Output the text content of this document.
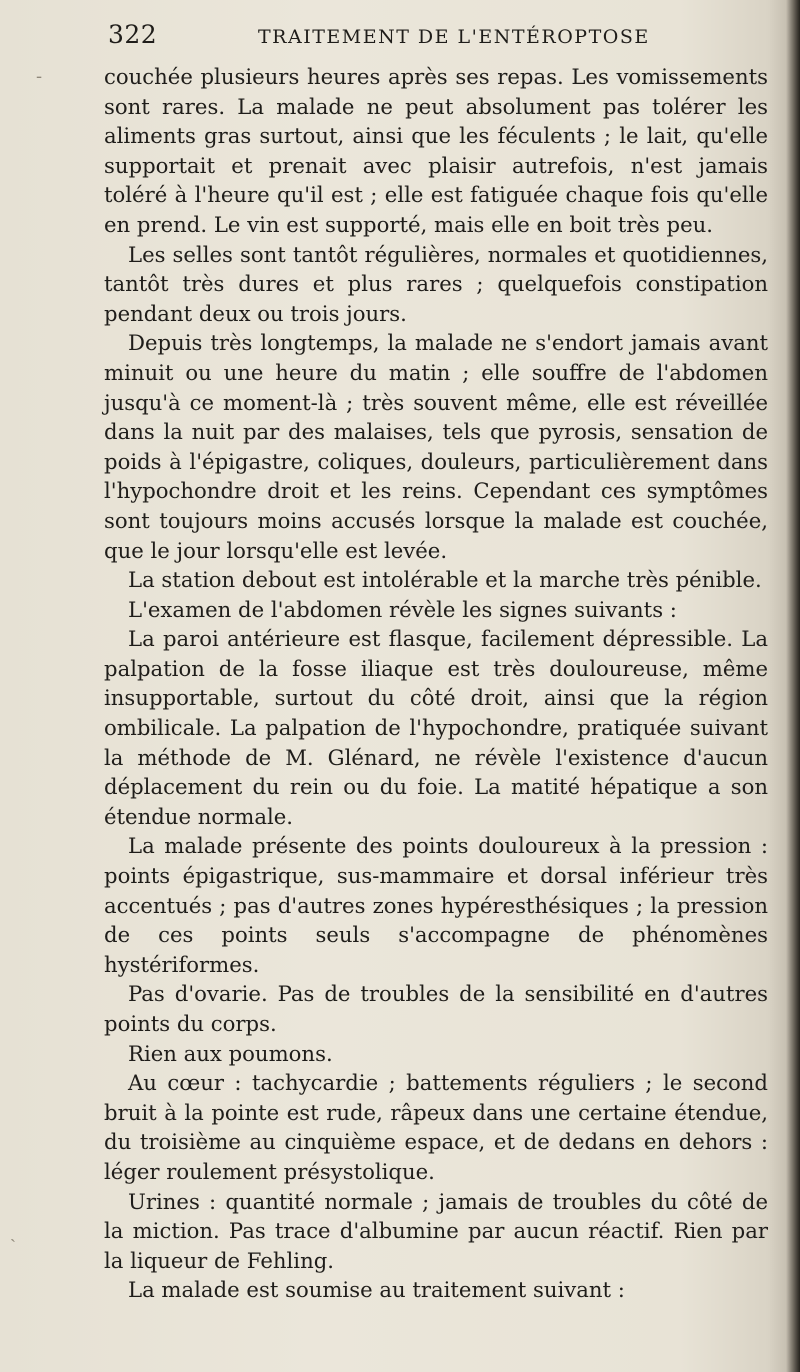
322	TRAITEMENT DE L'ENTÉROPTOSE

couchée plusieurs heures après ses repas. Les vomissements sont rares. La malade ne peut absolument pas tolérer les aliments gras surtout, ainsi que les féculents ; le lait, qu'elle supportait et prenait avec plaisir autrefois, n'est jamais toléré à l'heure qu'il est ; elle est fatiguée chaque fois qu'elle en prend. Le vin est supporté, mais elle en boit très peu.

Les selles sont tantôt régulières, normales et quotidiennes, tantôt très dures et plus rares ; quelquefois constipation pendant deux ou trois jours.

Depuis très longtemps, la malade ne s'endort jamais avant minuit ou une heure du matin ; elle souffre de l'abdomen jusqu'à ce moment-là ; très souvent même, elle est réveillée dans la nuit par des malaises, tels que pyrosis, sensation de poids à l'épigastre, coliques, douleurs, particulièrement dans l'hypochondre droit et les reins. Cependant ces symptômes sont toujours moins accusés lorsque la malade est couchée, que le jour lorsqu'elle est levée.

La station debout est intolérable et la marche très pénible.

L'examen de l'abdomen révèle les signes suivants :

La paroi antérieure est flasque, facilement dépressible. La palpation de la fosse iliaque est très douloureuse, même insupportable, surtout du côté droit, ainsi que la région ombilicale. La palpation de l'hypochondre, pratiquée suivant la méthode de M. Glénard, ne révèle l'existence d'aucun déplacement du rein ou du foie. La matité hépatique a son étendue normale.

La malade présente des points douloureux à la pression : points épigastrique, sus-mammaire et dorsal inférieur très accentués ; pas d'autres zones hypéresthésiques ; la pression de ces points seuls s'accompagne de phénomènes hystériformes.

Pas d'ovarie. Pas de troubles de la sensibilité en d'autres points du corps.

Rien aux poumons.

Au cœur : tachycardie ; battements réguliers ; le second bruit à la pointe est rude, râpeux dans une certaine étendue, du troisième au cinquième espace, et de dedans en dehors : léger roulement présystolique.

Urines : quantité normale ; jamais de troubles du côté de la miction. Pas trace d'albumine par aucun réactif. Rien par la liqueur de Fehling.

La malade est soumise au traitement suivant :

‐
ˎ
